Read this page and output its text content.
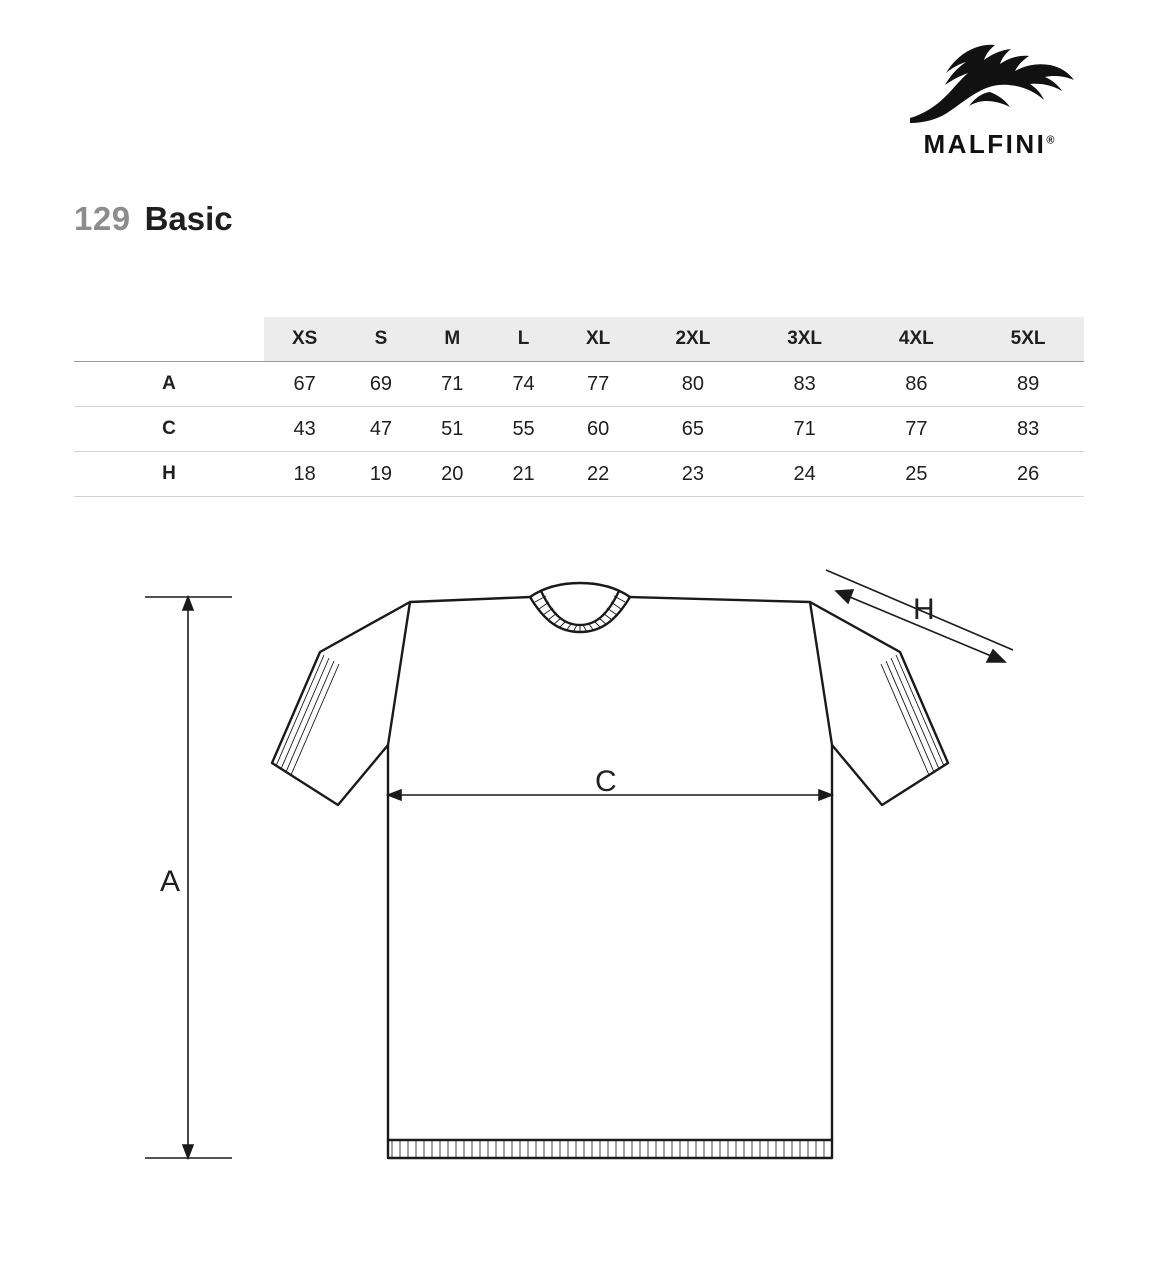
MALFINI®
129 Basic
	XS	S	M	L	XL	2XL	3XL	4XL	5XL
A	67	69	71	74	77	80	83	86	89
C	43	47	51	55	60	65	71	77	83
H	18	19	20	21	22	23	24	25	26
A
C
H
